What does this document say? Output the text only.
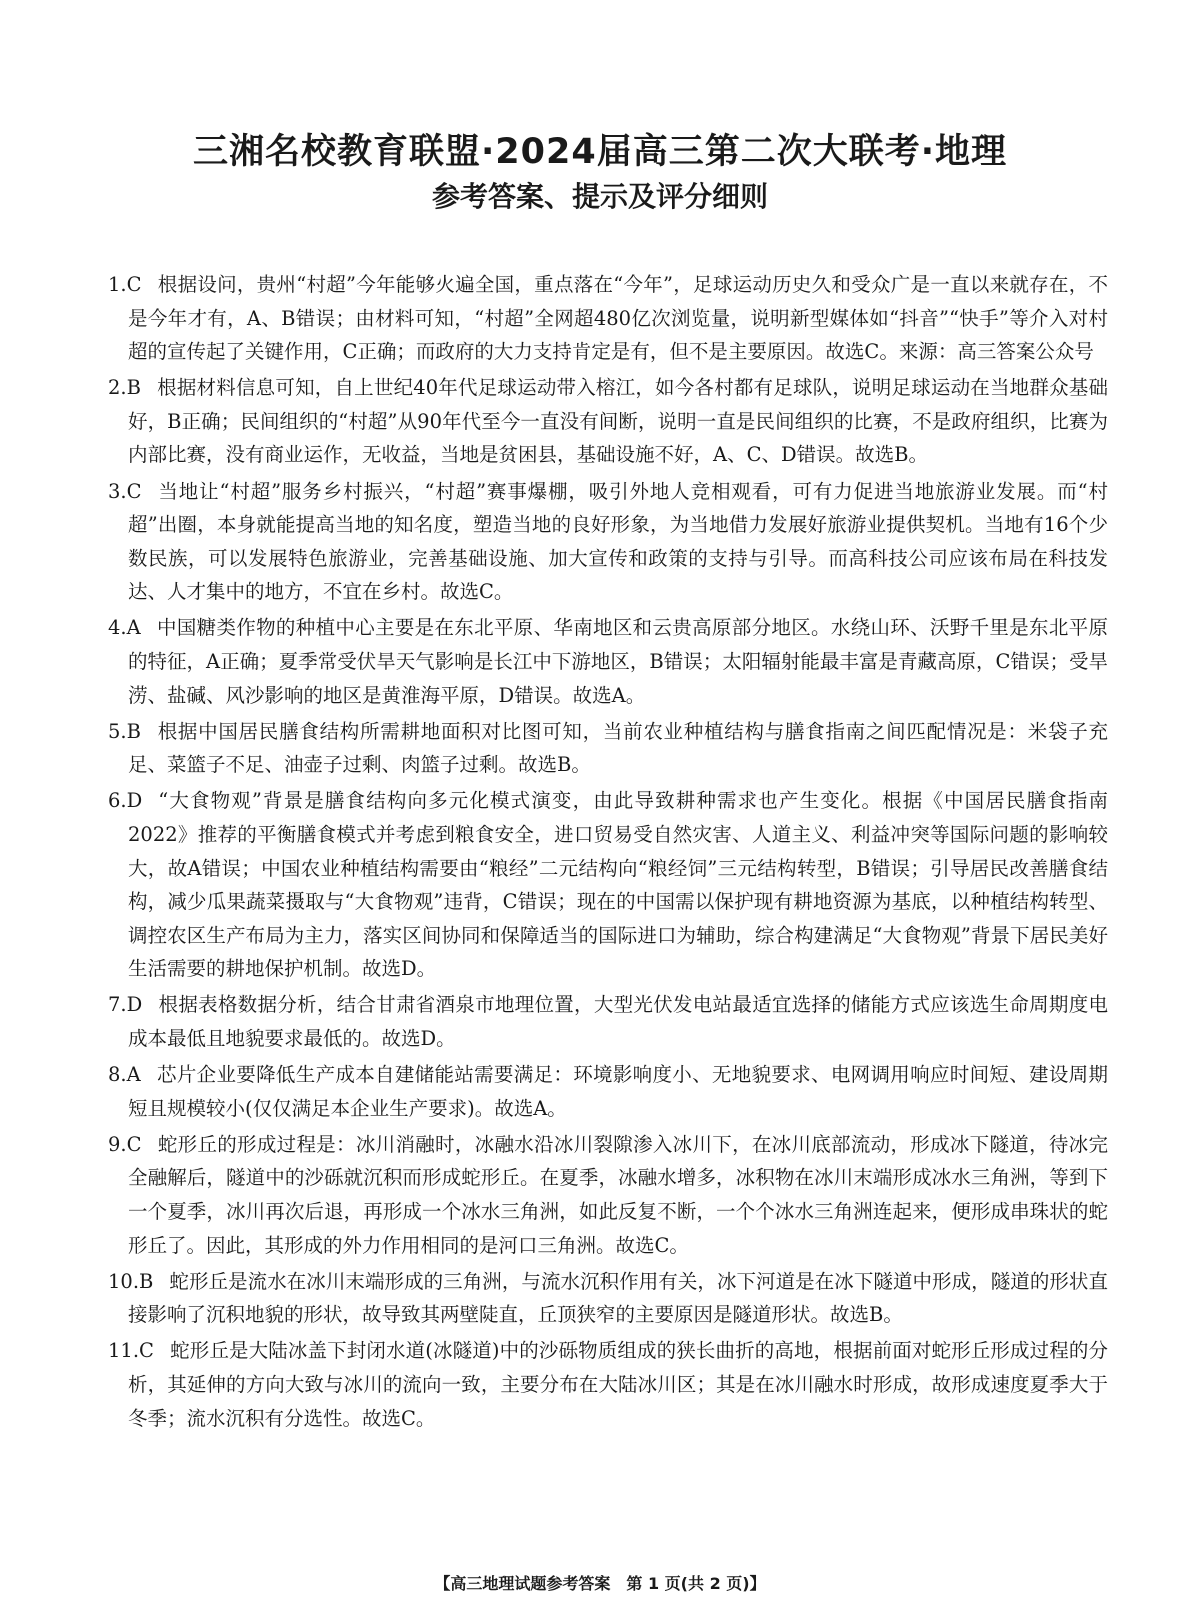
三湘名校教育联盟·2024届高三第二次大联考·地理
参考答案、提示及评分细则
1.C 根据设问，贵州“村超”今年能够火遍全国，重点落在“今年”，足球运动历史久和受众广是一直以来就存在，不是今年才有，A、B错误；由材料可知，“村超”全网超480亿次浏览量，说明新型媒体如“抖音”“快手”等介入对村超的宣传起了关键作用，C正确；而政府的大力支持肯定是有，但不是主要原因。故选C。来源：高三答案公众号
2.B 根据材料信息可知，自上世纪40年代足球运动带入榕江，如今各村都有足球队，说明足球运动在当地群众基础好，B正确；民间组织的“村超”从90年代至今一直没有间断，说明一直是民间组织的比赛，不是政府组织，比赛为内部比赛，没有商业运作，无收益，当地是贫困县，基础设施不好，A、C、D错误。故选B。
3.C 当地让“村超”服务乡村振兴，“村超”赛事爆棚，吸引外地人竞相观看，可有力促进当地旅游业发展。而“村超”出圈，本身就能提高当地的知名度，塑造当地的良好形象，为当地借力发展好旅游业提供契机。当地有16个少数民族，可以发展特色旅游业，完善基础设施、加大宣传和政策的支持与引导。而高科技公司应该布局在科技发达、人才集中的地方，不宜在乡村。故选C。
4.A 中国糖类作物的种植中心主要是在东北平原、华南地区和云贵高原部分地区。水绕山环、沃野千里是东北平原的特征，A正确；夏季常受伏旱天气影响是长江中下游地区，B错误；太阳辐射能最丰富是青藏高原，C错误；受旱涝、盐碱、风沙影响的地区是黄淮海平原，D错误。故选A。
5.B 根据中国居民膳食结构所需耕地面积对比图可知，当前农业种植结构与膳食指南之间匹配情况是：米袋子充足、菜篮子不足、油壶子过剩、肉篮子过剩。故选B。
6.D “大食物观”背景是膳食结构向多元化模式演变，由此导致耕种需求也产生变化。根据《中国居民膳食指南2022》推荐的平衡膳食模式并考虑到粮食安全，进口贸易受自然灾害、人道主义、利益冲突等国际问题的影响较大，故A错误；中国农业种植结构需要由“粮经”二元结构向“粮经饲”三元结构转型，B错误；引导居民改善膳食结构，减少瓜果蔬菜摄取与“大食物观”违背，C错误；现在的中国需以保护现有耕地资源为基底，以种植结构转型、调控农区生产布局为主力，落实区间协同和保障适当的国际进口为辅助，综合构建满足“大食物观”背景下居民美好生活需要的耕地保护机制。故选D。
7.D 根据表格数据分析，结合甘肃省酒泉市地理位置，大型光伏发电站最适宜选择的储能方式应该选生命周期度电成本最低且地貌要求最低的。故选D。
8.A 芯片企业要降低生产成本自建储能站需要满足：环境影响度小、无地貌要求、电网调用响应时间短、建设周期短且规模较小(仅仅满足本企业生产要求)。故选A。
9.C 蛇形丘的形成过程是：冰川消融时，冰融水沿冰川裂隙渗入冰川下，在冰川底部流动，形成冰下隧道，待冰完全融解后，隧道中的沙砾就沉积而形成蛇形丘。在夏季，冰融水增多，冰积物在冰川末端形成冰水三角洲，等到下一个夏季，冰川再次后退，再形成一个冰水三角洲，如此反复不断，一个个冰水三角洲连起来，便形成串珠状的蛇形丘了。因此，其形成的外力作用相同的是河口三角洲。故选C。
10.B 蛇形丘是流水在冰川末端形成的三角洲，与流水沉积作用有关，冰下河道是在冰下隧道中形成，隧道的形状直接影响了沉积地貌的形状，故导致其两壁陡直，丘顶狭窄的主要原因是隧道形状。故选B。
11.C 蛇形丘是大陆冰盖下封闭水道(冰隧道)中的沙砾物质组成的狭长曲折的高地，根据前面对蛇形丘形成过程的分析，其延伸的方向大致与冰川的流向一致，主要分布在大陆冰川区；其是在冰川融水时形成，故形成速度夏季大于冬季；流水沉积有分选性。故选C。
【高三地理试题参考答案　第 1 页(共 2 页)】
